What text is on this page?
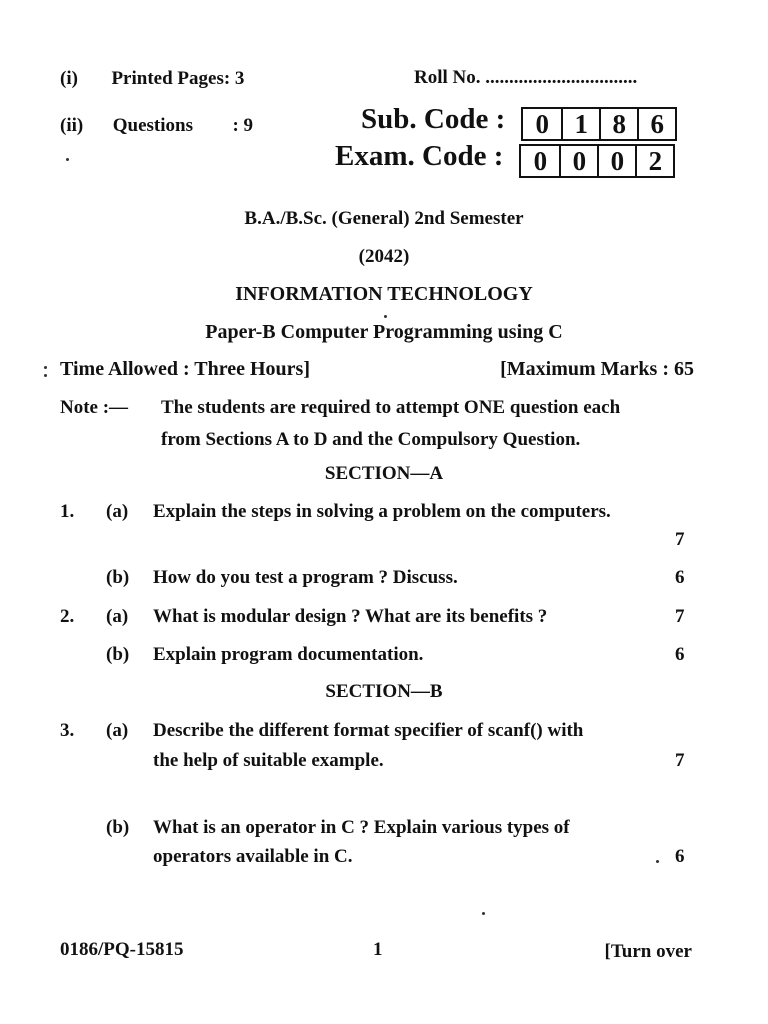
(i) Printed Pages: 3
(ii) Questions : 9
Roll No. ................................
Sub. Code :	0 1 8 6
Exam. Code :	0 0 0 2
B.A./B.Sc. (General) 2nd Semester
(2042)
INFORMATION TECHNOLOGY
Paper-B Computer Programming using C
Time Allowed : Three Hours]	[Maximum Marks : 65
Note :— The students are required to attempt ONE question each
from Sections A to D and the Compulsory Question.
SECTION—A
1. (a) Explain the steps in solving a problem on the computers.
7
(b) How do you test a program ? Discuss.	6
2. (a) What is modular design ? What are its benefits ?	7
(b) Explain program documentation.	6
SECTION—B
3. (a) Describe the different format specifier of scanf() with
the help of suitable example.	7
(b) What is an operator in C ? Explain various types of
operators available in C.	6
0186/PQ-15815	1	[Turn over
